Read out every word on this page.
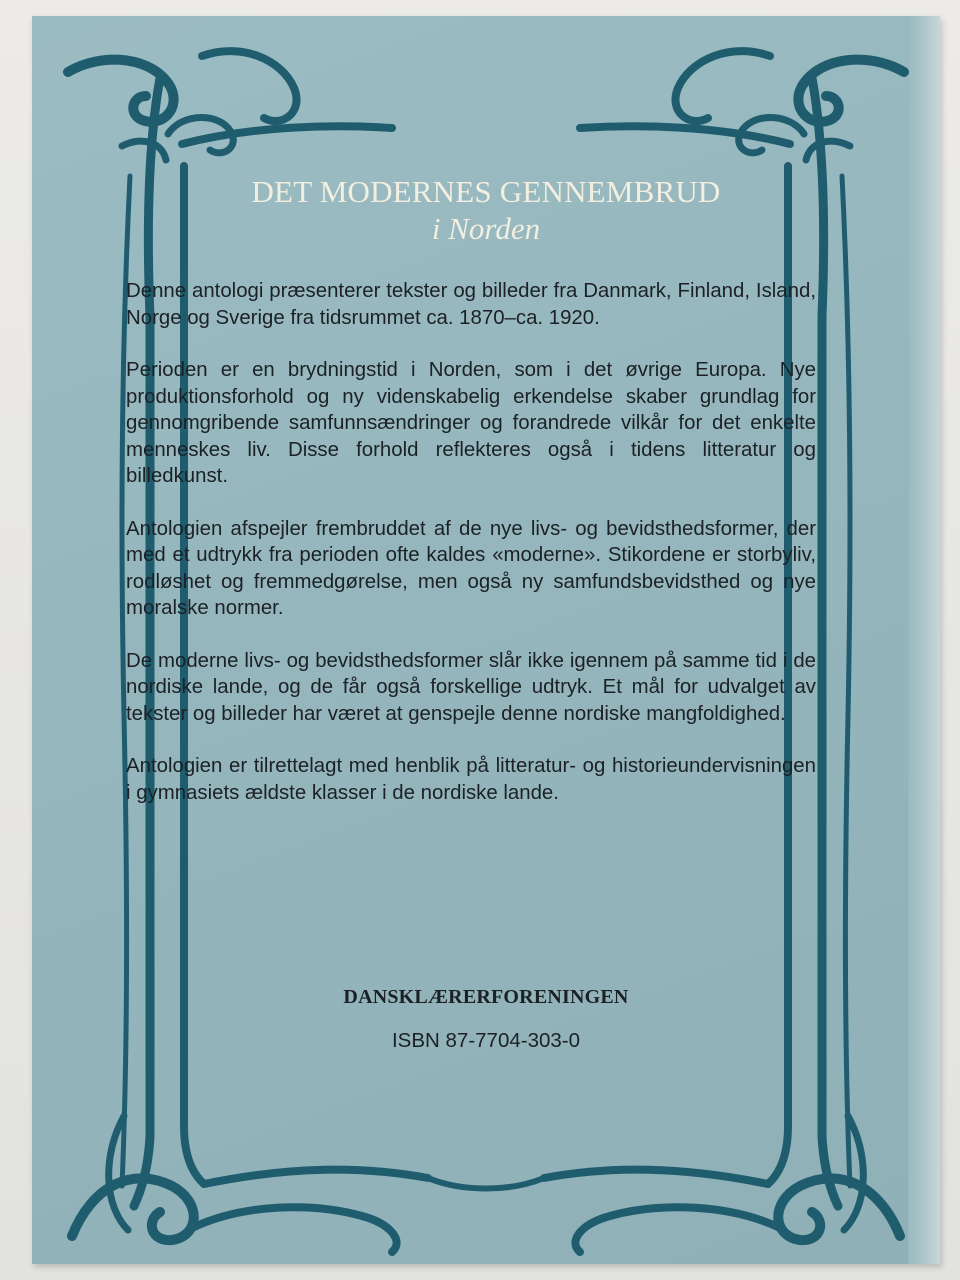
DET MODERNES GENNEMBRUD
i Norden

Denne antologi præsenterer tekster og billeder fra Danmark, Finland, Island, Norge og Sverige fra tidsrummet ca. 1870–ca. 1920.

Perioden er en brydningstid i Norden, som i det øvrige Europa. Nye produktionsforhold og ny videnskabelig erkendelse skaber grundlag for gennomgribende samfunnsændringer og forandrede vilkår for det enkelte menneskes liv. Disse forhold reflekteres også i tidens litteratur og billedkunst.

Antologien afspejler frembruddet af de nye livs- og bevidsthedsformer, der med et udtrykk fra perioden ofte kaldes «moderne». Stikordene er storbyliv, rodløshet og fremmedgørelse, men også ny samfundsbevidsthed og nye moralske normer.

De moderne livs- og bevidsthedsformer slår ikke igennem på samme tid i de nordiske lande, og de får også forskellige udtryk. Et mål for udvalget av tekster og billeder har været at genspejle denne nordiske mangfoldighed.

Antologien er tilrettelagt med henblik på litteratur- og historieundervisningen i gymnasiets ældste klasser i de nordiske lande.

DANSKLÆRERFORENINGEN
ISBN 87-7704-303-0
